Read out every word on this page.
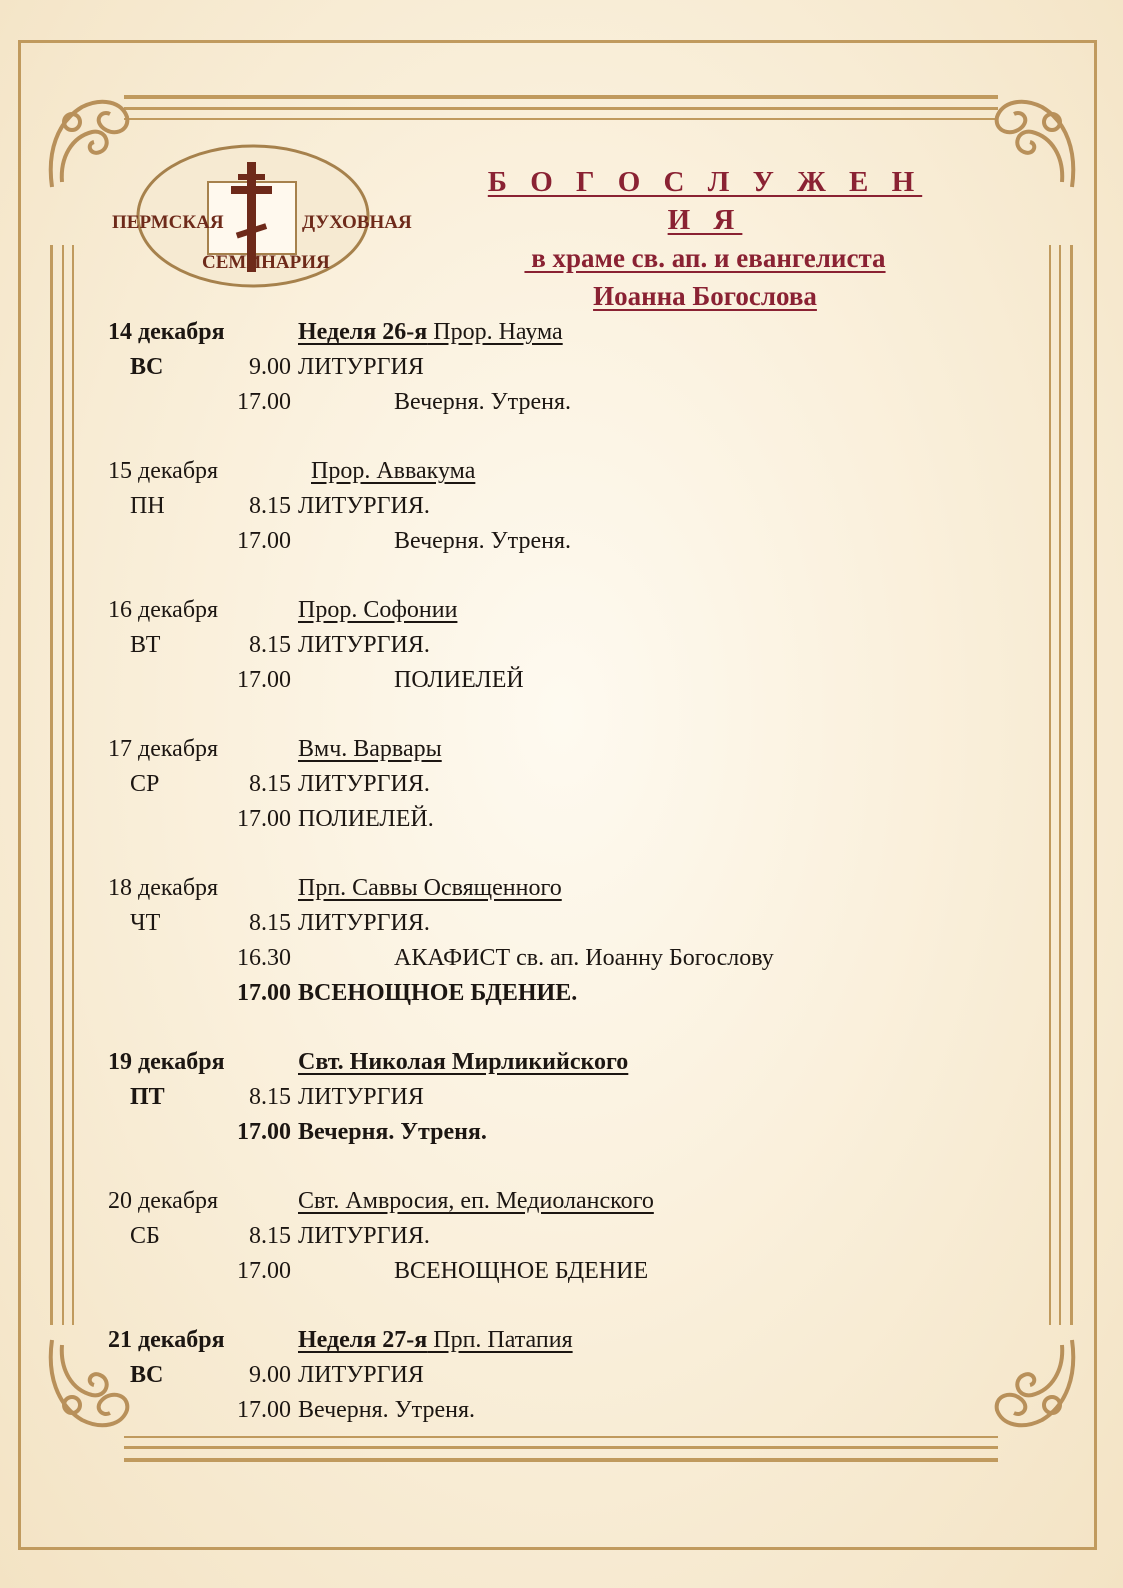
ПЕРМСКАЯ	ДУХОВНАЯ
СЕМИНАРИЯ
Б О Г О С Л У Ж Е Н И Я
в храме св. ап. и евангелиста
Иоанна Богослова
14 декабря	Неделя 26-я Прор. Наума
ВС	9.00 ЛИТУРГИЯ
17.00	Вечерня. Утреня.
15 декабря	Прор. Аввакума
ПН	8.15 ЛИТУРГИЯ.
17.00	Вечерня. Утреня.
16 декабря	Прор. Софонии
ВТ	8.15 ЛИТУРГИЯ.
17.00	ПОЛИЕЛЕЙ
17 декабря	Вмч. Варвары
СР	8.15 ЛИТУРГИЯ.
17.00 ПОЛИЕЛЕЙ.
18 декабря	Прп. Саввы Освященного
ЧТ	8.15 ЛИТУРГИЯ.
16.30	АКАФИСТ св. ап. Иоанну Богослову
17.00 ВСЕНОЩНОЕ БДЕНИЕ.
19 декабря	Свт. Николая Мирликийского
ПТ	8.15 ЛИТУРГИЯ
17.00 Вечерня. Утреня.
20 декабря	Свт. Амвросия, еп. Медиоланского
СБ	8.15 ЛИТУРГИЯ.
17.00	ВСЕНОЩНОЕ БДЕНИЕ
21 декабря	Неделя 27-я Прп. Патапия
ВС	9.00 ЛИТУРГИЯ
17.00 Вечерня. Утреня.
